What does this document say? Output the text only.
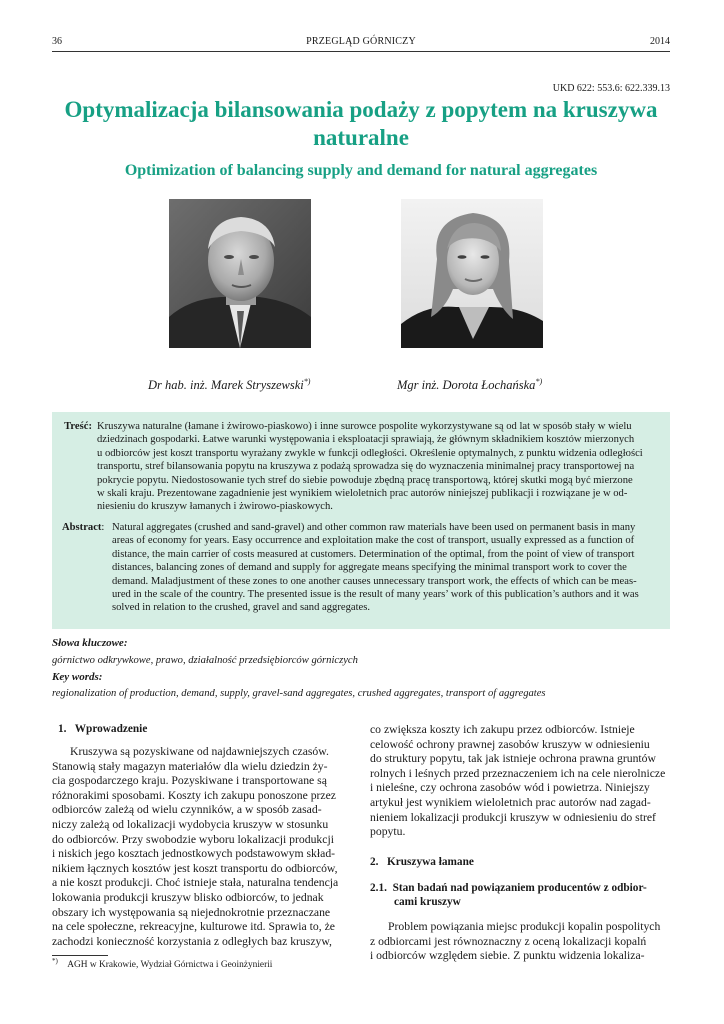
36	PRZEGLĄD GÓRNICZY	2014
UKD 622: 553.6: 622.339.13
Optymalizacja bilansowania podaży z popytem na kruszywa naturalne
Optimization of balancing supply and demand for natural aggregates
Dr hab. inż. Marek Stryszewski*)	Mgr inż. Dorota Łochańska*)
Treść: Kruszywa naturalne (łamane i żwirowo-piaskowo) i inne surowce pospolite wykorzystywane są od lat w sposób stały w wielu
dziedzinach gospodarki. Łatwe warunki występowania i eksploatacji sprawiają, że głównym składnikiem kosztów mierzonych
u odbiorców jest koszt transportu wyrażany zwykle w funkcji odległości. Określenie optymalnych, z punktu widzenia odległości
transportu, stref bilansowania popytu na kruszywa z podażą sprowadza się do wyznaczenia minimalnej pracy transportowej na
pokrycie popytu. Niedostosowanie tych stref do siebie powoduje zbędną pracę transportową, której skutki mogą być mierzone
w skali kraju. Prezentowane zagadnienie jest wynikiem wieloletnich prac autorów niniejszej publikacji i rozwiązane je w od-
niesieniu do kruszyw łamanych i żwirowo-piaskowych.
Abstract: Natural aggregates (crushed and sand-gravel) and other common raw materials have been used on permanent basis in many
areas of economy for years. Easy occurrence and exploitation make the cost of transport, usually expressed as a function of
distance, the main carrier of costs measured at customers. Determination of the optimal, from the point of view of transport
distances, balancing zones of demand and supply for aggregate means specifying the minimal transport work to cover the
demand. Maladjustment of these zones to one another causes unnecessary transport work, the effects of which can be meas-
ured in the scale of the country. The presented issue is the result of many years’ work of this publication’s authors and it was
solved in relation to the crushed, gravel and sand aggregates.
Słowa kluczowe:
górnictwo odkrywkowe, prawo, działalność przedsiębiorców górniczych
Key words:
regionalization of production, demand, supply, gravel-sand aggregates, crushed aggregates, transport of aggregates
1.   Wprowadzenie
Kruszywa są pozyskiwane od najdawniejszych czasów.
Stanowią stały magazyn materiałów dla wielu dziedzin ży-
cia gospodarczego kraju. Pozyskiwane i transportowane są
różnorakimi sposobami. Koszty ich zakupu ponoszone przez
odbiorców zależą od wielu czynników, a w sposób zasad-
niczy zależą od lokalizacji wydobycia kruszyw w stosunku
do odbiorców. Przy swobodzie wyboru lokalizacji produkcji
i niskich jego kosztach jednostkowych podstawowym skład-
nikiem łącznych kosztów jest koszt transportu do odbiorców,
a nie koszt produkcji. Choć istnieje stała, naturalna tendencja
lokowania produkcji kruszyw blisko odbiorców, to jednak
obszary ich występowania są niejednokrotnie przeznaczane
na cele społeczne, rekreacyjne, kulturowe itd. Sprawia to, że
zachodzi konieczność korzystania z odległych baz kruszyw,
co zwiększa koszty ich zakupu przez odbiorców. Istnieje
celowość ochrony prawnej zasobów kruszyw w odniesieniu
do struktury popytu, tak jak istnieje ochrona prawna gruntów
rolnych i leśnych przed przeznaczeniem ich na cele nierolnicze
i nieleśne, czy ochrona zasobów wód i powietrza. Niniejszy
artykuł jest wynikiem wieloletnich prac autorów nad zagad-
nieniem lokalizacji produkcji kruszyw w odniesieniu do stref
popytu.
2.   Kruszywa łamane
2.1.  Stan badań nad powiązaniem producentów z odbior-
cami kruszyw
Problem powiązania miejsc produkcji kopalin pospolitych
z odbiorcami jest równoznaczny z oceną lokalizacji kopalń
i odbiorców względem siebie. Z punktu widzenia lokaliza-
*) AGH w Krakowie, Wydział Górnictwa i Geoinżynierii
